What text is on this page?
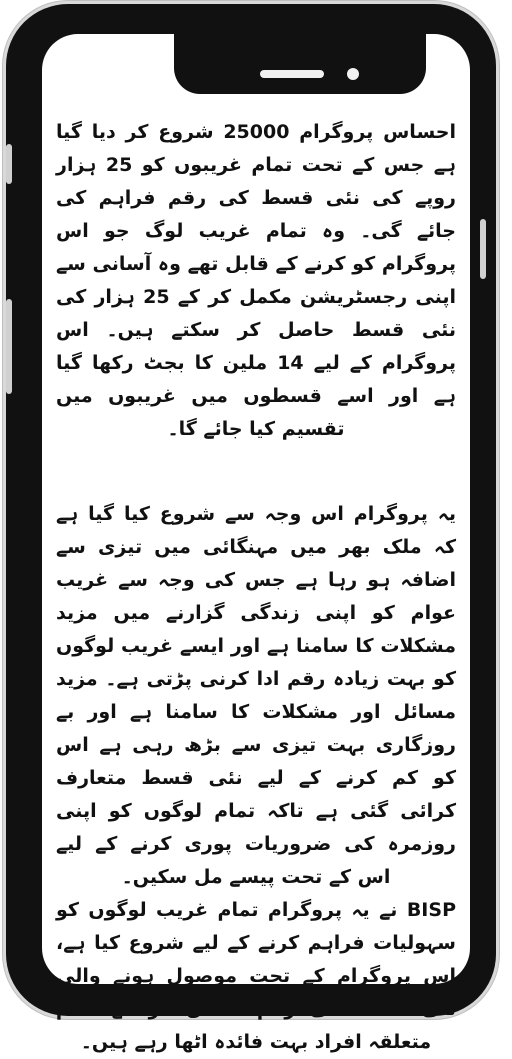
احساس پروگرام 25000 شروع کر دیا گیا ہے جس کے تحت تمام غریبوں کو 25 ہزار روپے کی نئی قسط کی رقم فراہم کی جائے گی۔ وہ تمام غریب لوگ جو اس پروگرام کو کرنے کے قابل تھے وہ آسانی سے اپنی رجسٹریشن مکمل کر کے 25 ہزار کی نئی قسط حاصل کر سکتے ہیں۔ اس پروگرام کے لیے 14 ملین کا بجٹ رکھا گیا ہے اور اسے قسطوں میں غریبوں میں تقسیم کیا جائے گا۔

یہ پروگرام اس وجہ سے شروع کیا گیا ہے کہ ملک بھر میں مہنگائی میں تیزی سے اضافہ ہو رہا ہے جس کی وجہ سے غریب عوام کو اپنی زندگی گزارنے میں مزید مشکلات کا سامنا ہے اور ایسے غریب لوگوں کو بہت زیادہ رقم ادا کرنی پڑتی ہے۔ مزید مسائل اور مشکلات کا سامنا ہے اور بے روزگاری بہت تیزی سے بڑھ رہی ہے اس کو کم کرنے کے لیے نئی قسط متعارف کرائی گئی ہے تاکہ تمام لوگوں کو اپنی روزمرہ کی ضروریات پوری کرنے کے لیے اس کے تحت پیسے مل سکیں۔

BISP نے یہ پروگرام تمام غریب لوگوں کو سہولیات فراہم کرنے کے لیے شروع کیا ہے، اس پروگرام کے تحت موصول ہونے والی نئی قسط کی رقم حاصل کر کے تمام متعلقہ افراد بہت فائدہ اٹھا رہے ہیں۔
